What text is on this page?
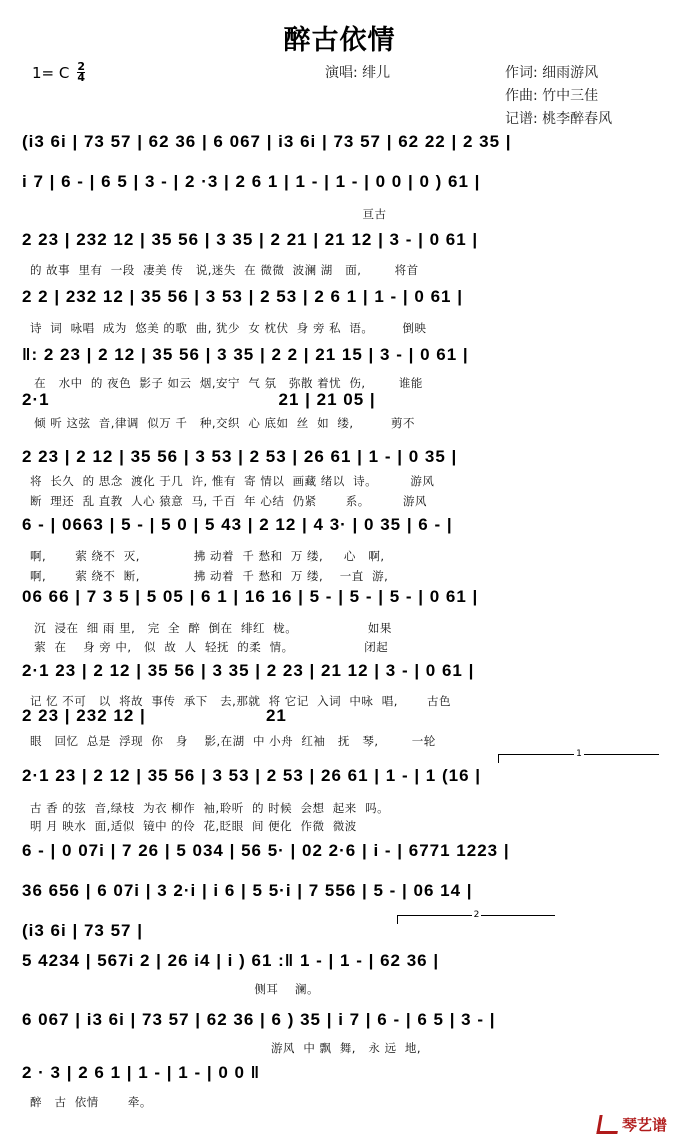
醉古依情
1= C 2
4	演唱: 绯儿	作词: 细雨游风
作曲: 竹中三佳
记谱: 桃李醉春风
(i3 6i | 73 57 | 62 36 | 6 067 | i3 6i | 73 57 | 62 22 | 2 35 |
i 7 | 6 - | 6 5 | 3 - | 2 ·3 | 2 6 1 | 1 - | 1 - | 0 0 | 0 ) 61 |
2 23 | 232 12 | 35 56 | 3 35 | 2 21 | 21 12 | 3 - | 0 61 |
2 2 | 232 12 | 35 56 | 3 53 | 2 53 | 2 6 1 | 1 - | 0 61 |
‖: 2 23 | 2 12 | 35 56 | 3 35 | 2 2 | 21 15 | 3 - | 0 61 |
2·1                                        21 | 21 05 |
2 23 | 2 12 | 35 56 | 3 53 | 2 53 | 26 61 | 1 - | 0 35 |
6 - | 0663 | 5 - | 5 0 | 5 43 | 2 12 | 4 3· | 0 35 | 6 - |
06 66 | 7 3 5 | 5 05 | 6 1 | 16 16 | 5 - | 5 - | 5 - | 0 61 |
2·1 23 | 2 12 | 35 56 | 3 35 | 2 23 | 21 12 | 3 - | 0 61 |
2 23 | 232 12 |                     21
2·1 23 | 2 12 | 35 56 | 3 53 | 2 53 | 26 61 | 1 - | 1 (16 |
6 - | 0 07i | 7 26 | 5 034 | 56 5· | 02 2·6 | i - | 6771 1223 |
36 656 | 6 07i | 3 2·i | i 6 | 5 5·i | 7 556 | 5 - | 06 14 |
(i3 6i | 73 57 |
5 4234 | 567i 2 | 26 i4 | i ) 61 :‖ 1 - | 1 - | 62 36 |
6 067 | i3 6i | 73 57 | 62 36 | 6 ) 35 | i 7 | 6 - | 6 5 | 3 - |
2 · 3 | 2 6 1 | 1 - | 1 - | 0 0 ‖
亘古
的 故事  里有  一段  凄美 传   说,迷失  在 微微  波澜 湖   面,        将首
诗  词  咏唱  成为  悠美 的歌  曲, 犹少  女 枕伏  身 旁 私  语。       倒映
在   水中  的 夜色  影子 如云  烟,安宁  气 氛   弥散 着忧  伤,        谁能
倾 听 这弦  音,律调  似万 千   种,交织  心 底如  丝  如  缕,         剪不
将  长久  的 思念  渡化 于几  许, 惟有  寄 情以  画藏 绪以  诗。        游风
断  理还  乱 直教  人心 猿意  马, 千百  年 心结  仍紧       系。        游风
啊,       萦 绕不  灭,             拂 动着  千 愁和  万 缕,     心   啊,
啊,       萦 绕不  断,             拂 动着  千 愁和  万 缕,    一直  游,
沉  浸在  细 雨 里,   完  全  醉  倒在  绯红  栊。                 如果
萦  在    身 旁 中,   似  故  人  轻抚  的柔  情。                 闭起
记 忆 不可   以  将故  事传  承下   去,那就  将 它记  入词  中咏  唱,       古色
眼   回忆  总是  浮现  你   身    影,在湖  中 小舟  红袖   抚   琴,        一轮
古 香 的弦  音,绿枝  为衣 柳作  袖,聆听  的 时候  会想  起来  吗。
明 月 映水  面,适似  镜中 的伶  花,眨眼  间 便化  作微  微波
侧耳    澜。
游风  中 飘  舞,   永 远  地,
醉   古  依情       牵。
1
2
琴艺谱
